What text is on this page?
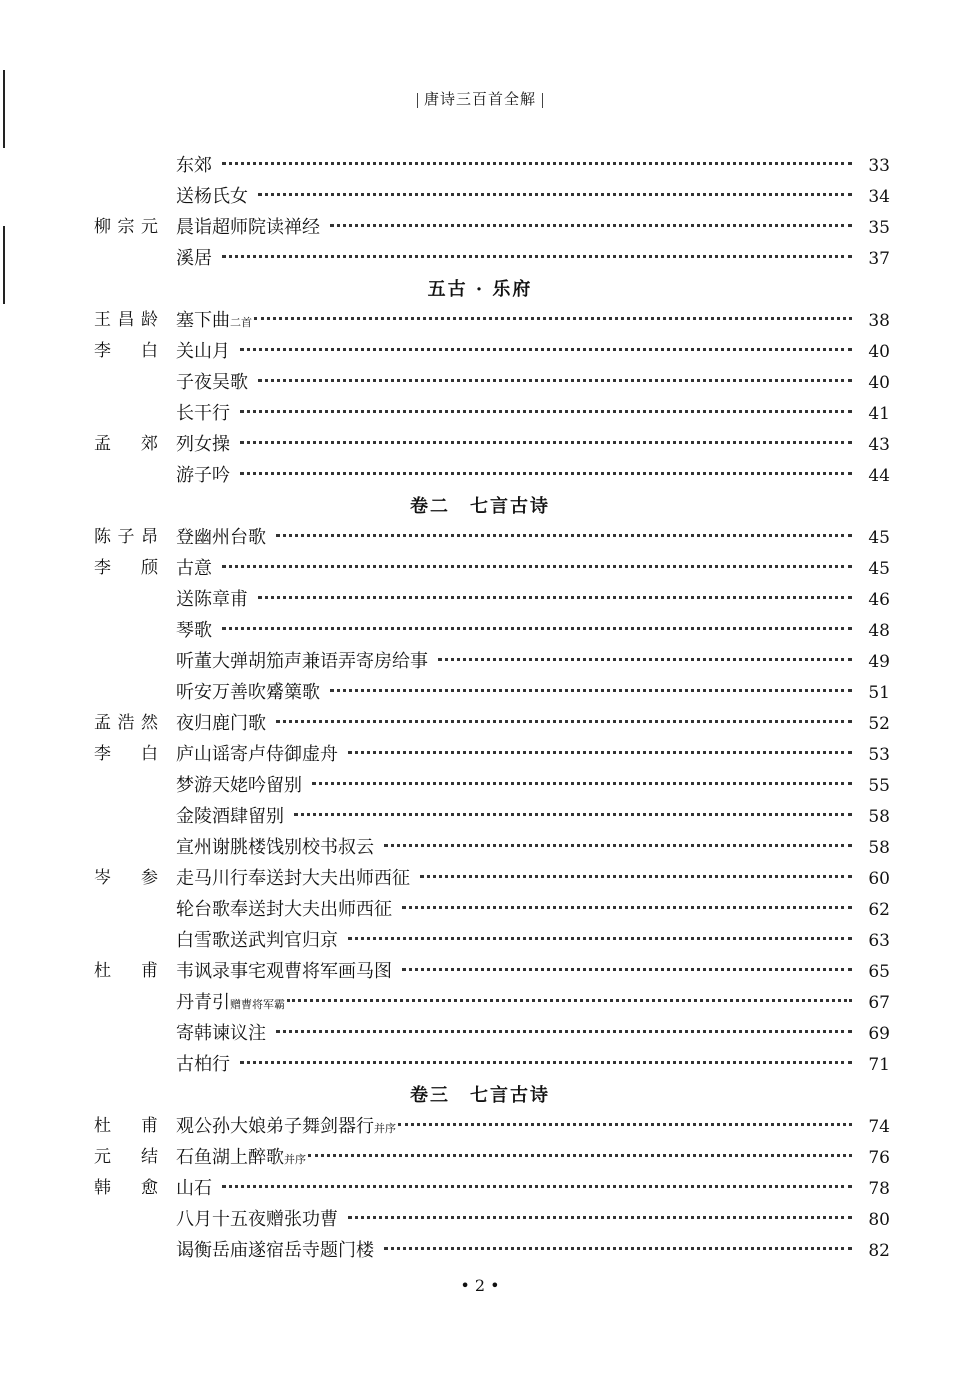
唐诗三百首全解
东郊	33
送杨氏女	34
柳 宗 元 晨诣超师院读禅经	35
溪居	37
五古 · 乐府
王 昌 龄 塞下曲 二首	38
李 白 关山月	40
子夜吴歌	40
长干行	41
孟 郊 列女操	43
游子吟	44
卷二　七言古诗
陈 子 昂 登幽州台歌	45
李 颀 古意	45
送陈章甫	46
琴歌	48
听董大弹胡笳声兼语弄寄房给事	49
听安万善吹觱篥歌	51
孟 浩 然 夜归鹿门歌	52
李 白 庐山谣寄卢侍御虚舟	53
梦游天姥吟留别	55
金陵酒肆留别	58
宣州谢朓楼饯别校书叔云	58
岑 参 走马川行奉送封大夫出师西征	60
轮台歌奉送封大夫出师西征	62
白雪歌送武判官归京	63
杜 甫 韦讽录事宅观曹将军画马图	65
丹青引 赠曹将军霸	67
寄韩谏议注	69
古柏行	71
卷三　七言古诗
杜 甫 观公孙大娘弟子舞剑器行 并序	74
元 结 石鱼湖上醉歌 并序	76
韩 愈 山石	78
八月十五夜赠张功曹	80
谒衡岳庙遂宿岳寺题门楼	82
• 2 •
